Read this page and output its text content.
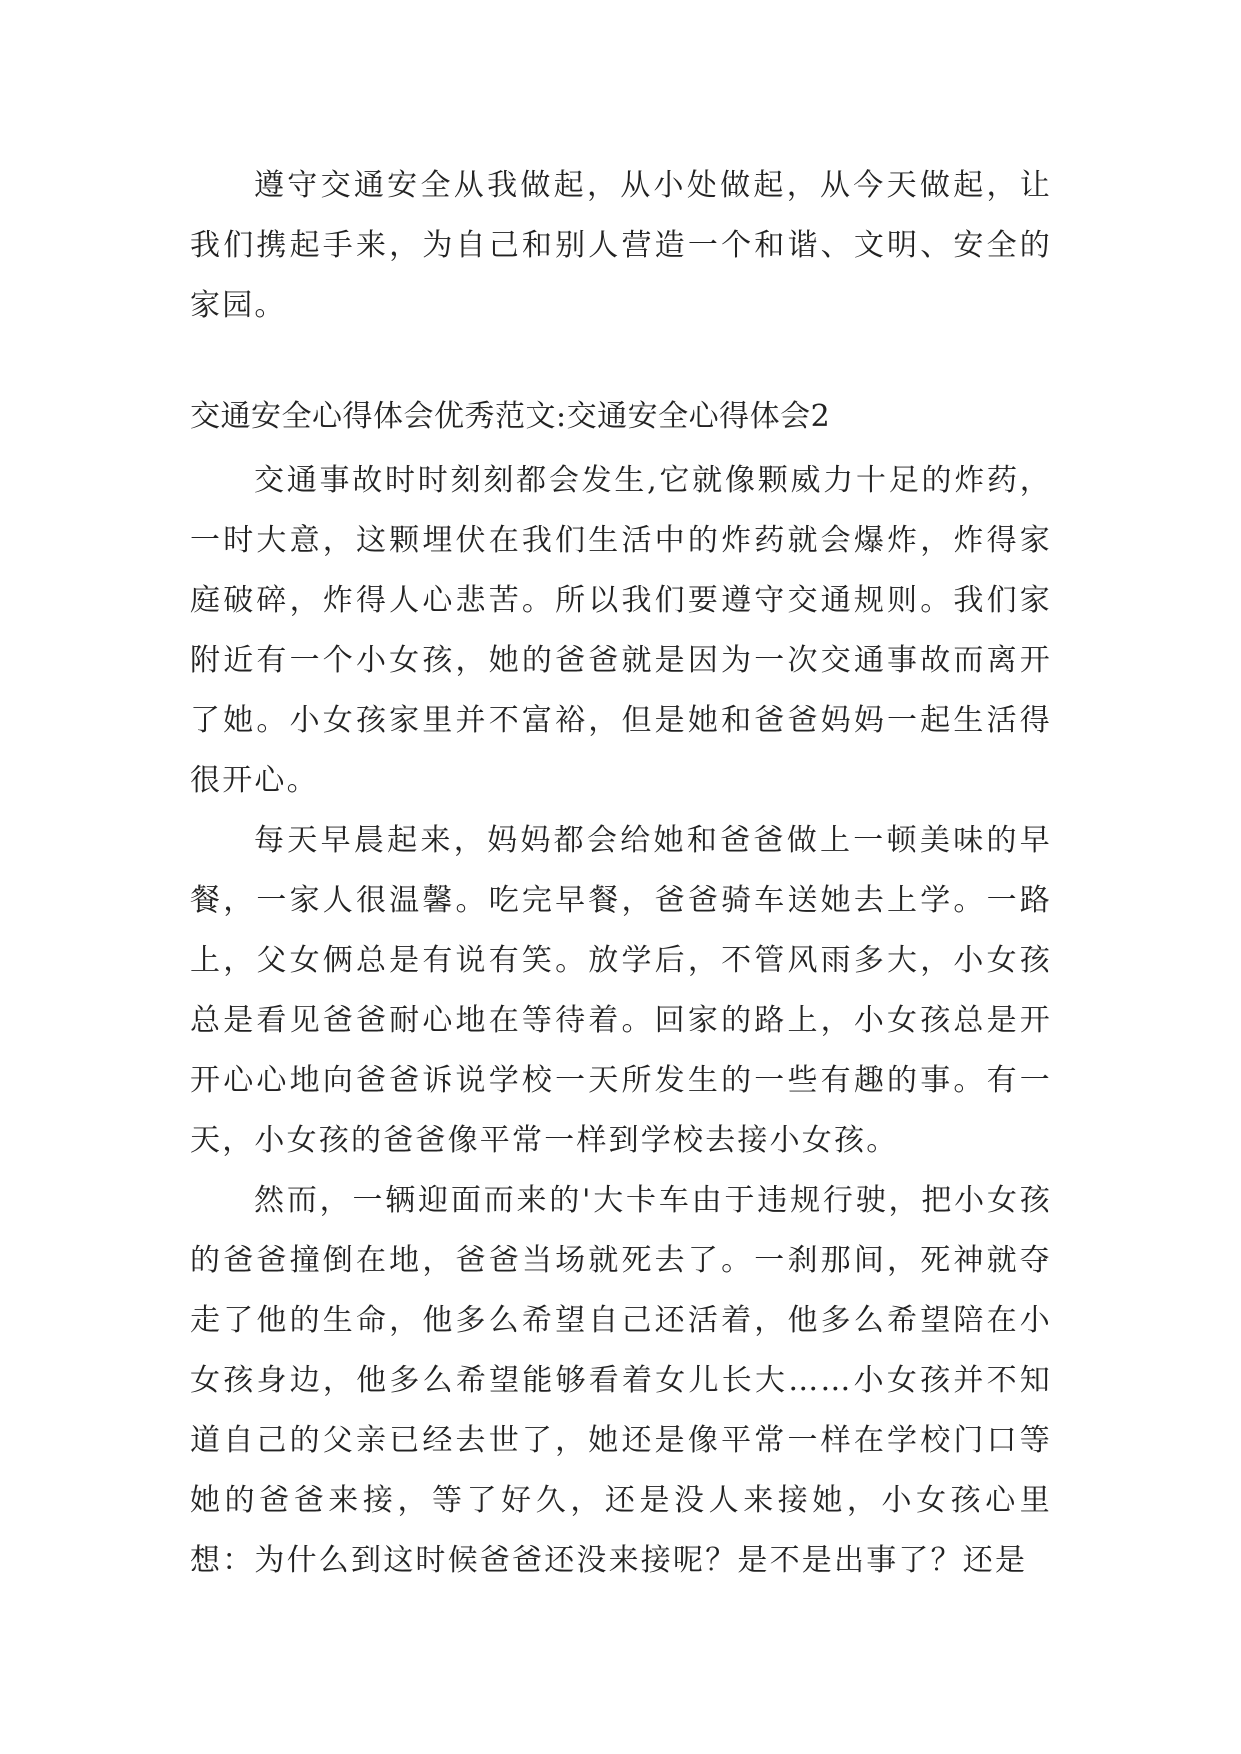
遵守交通安全从我做起，从小处做起，从今天做起，让我们携起手来，为自己和别人营造一个和谐、文明、安全的家园。

交通安全心得体会优秀范文:交通安全心得体会2

交通事故时时刻刻都会发生,它就像颗威力十足的炸药，一时大意，这颗埋伏在我们生活中的炸药就会爆炸，炸得家庭破碎，炸得人心悲苦。所以我们要遵守交通规则。我们家附近有一个小女孩，她的爸爸就是因为一次交通事故而离开了她。小女孩家里并不富裕，但是她和爸爸妈妈一起生活得很开心。

每天早晨起来，妈妈都会给她和爸爸做上一顿美味的早餐，一家人很温馨。吃完早餐，爸爸骑车送她去上学。一路上，父女俩总是有说有笑。放学后，不管风雨多大，小女孩总是看见爸爸耐心地在等待着。回家的路上，小女孩总是开开心心地向爸爸诉说学校一天所发生的一些有趣的事。有一天，小女孩的爸爸像平常一样到学校去接小女孩。

然而，一辆迎面而来的'大卡车由于违规行驶，把小女孩的爸爸撞倒在地，爸爸当场就死去了。一刹那间，死神就夺走了他的生命，他多么希望自己还活着，他多么希望陪在小女孩身边，他多么希望能够看着女儿长大……小女孩并不知道自己的父亲已经去世了，她还是像平常一样在学校门口等她的爸爸来接，等了好久，还是没人来接她，小女孩心里想：为什么到这时候爸爸还没来接呢？是不是出事了？还是
